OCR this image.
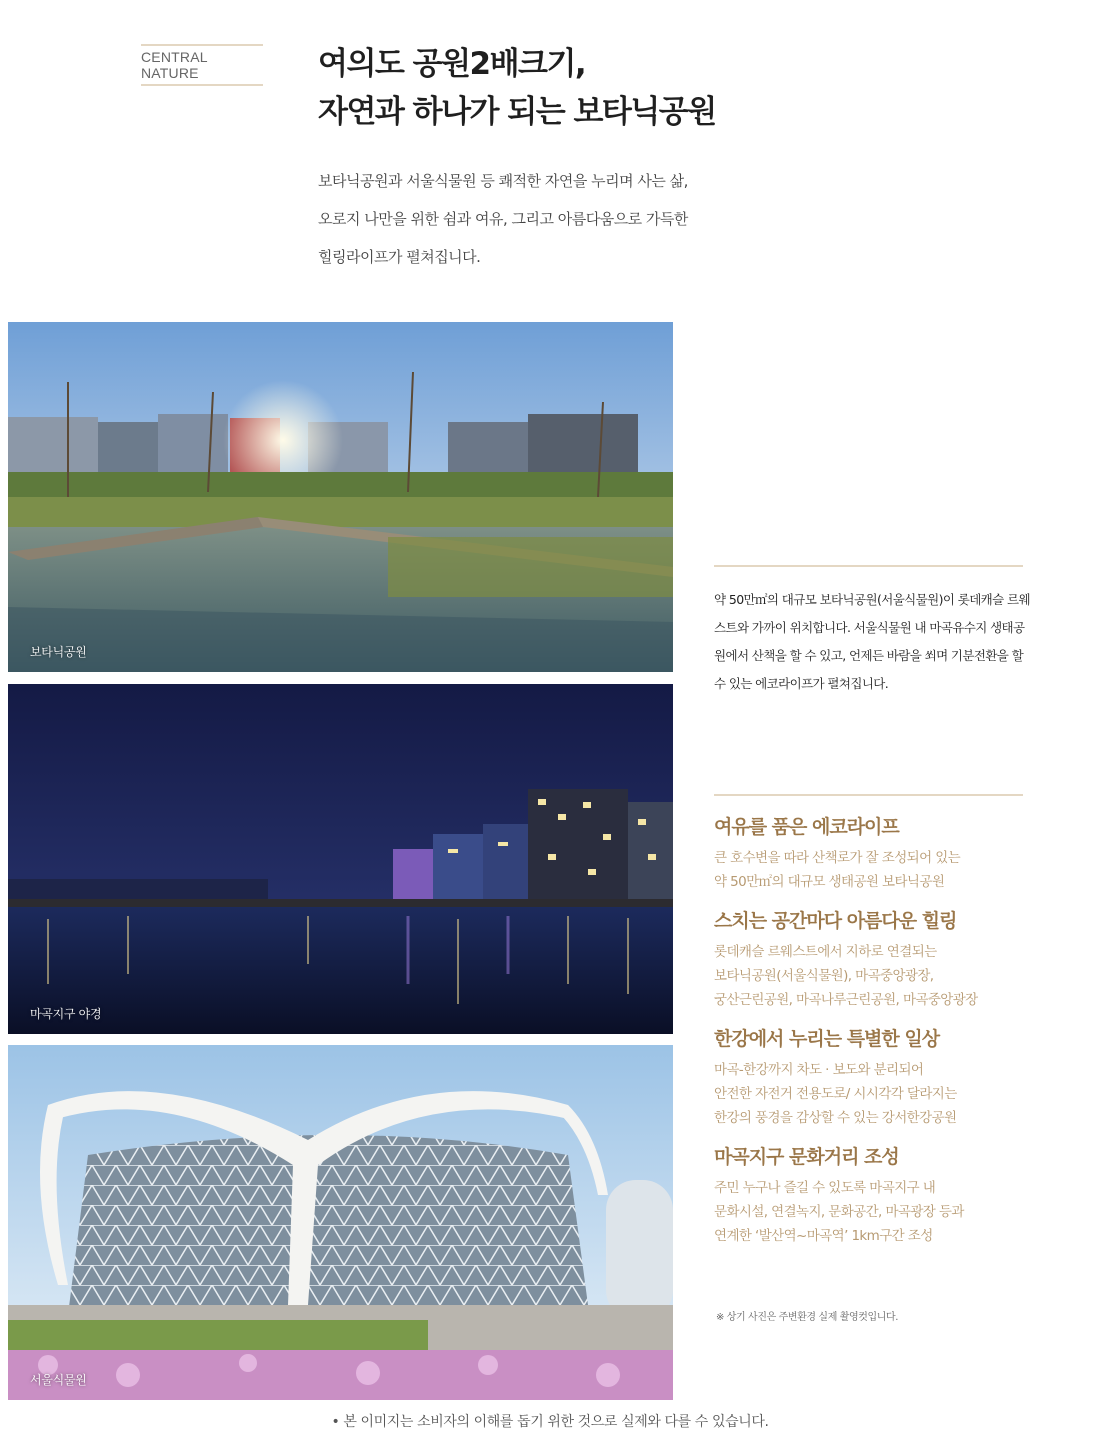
CENTRAL NATURE	여의도 공원2배크기,
자연과 하나가 되는 보타닉공원

보타닉공원과 서울식물원 등 쾌적한 자연을 누리며 사는 삶,
오로지 나만을 위한 쉼과 여유, 그리고 아름다움으로 가득한
힐링라이프가 펼쳐집니다.

보타닉공원
마곡지구 야경
서울식물원

약 50만㎡의 대규모 보타닉공원(서울식물원)이 롯데캐슬 르웨스트와 가까이 위치합니다. 서울식물원 내 마곡유수지 생태공원에서 산책을 할 수 있고, 언제든 바람을 쐬며 기분전환을 할 수 있는 에코라이프가 펼쳐집니다.

여유를 품은 에코라이프

큰 호수변을 따라 산책로가 잘 조성되어 있는
약 50만㎡의 대규모 생태공원 보타닉공원

스치는 공간마다 아름다운 힐링

롯데캐슬 르웨스트에서 지하로 연결되는
보타닉공원(서울식물원), 마곡중앙광장,
궁산근린공원, 마곡나루근린공원, 마곡중앙광장

한강에서 누리는 특별한 일상

마곡-한강까지 차도 · 보도와 분리되어
안전한 자전거 전용도로/ 시시각각 달라지는
한강의 풍경을 감상할 수 있는 강서한강공원

마곡지구 문화거리 조성

주민 누구나 즐길 수 있도록 마곡지구 내
문화시설, 연결녹지, 문화공간, 마곡광장 등과
연계한 ‘발산역~마곡역’ 1km구간 조성

※ 상기 사진은 주변환경 실제 촬영컷입니다.
• 본 이미지는 소비자의 이해를 돕기 위한 것으로 실제와 다를 수 있습니다.
